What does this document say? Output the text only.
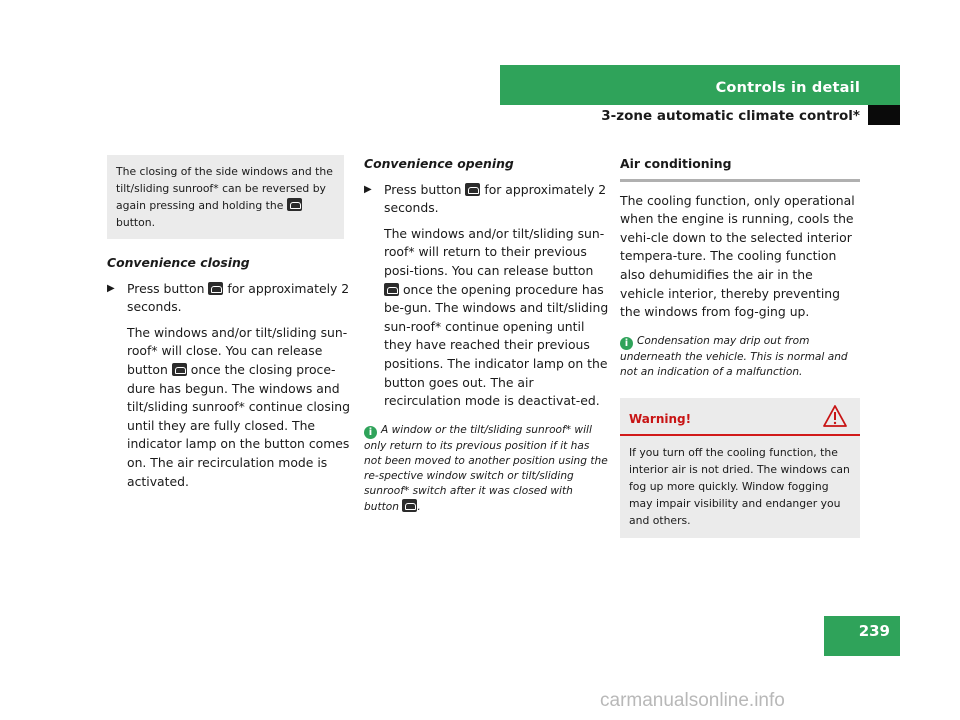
Controls in detail
3-zone automatic climate control*
The closing of the side windows and the tilt/sliding sunroof* can be reversed by again pressing and holding the  button.

Convenience closing

▶ Press button for approximately 2 seconds.

The windows and/or tilt/sliding sun-roof* will close. You can release button once the closing proce-dure has begun. The windows and tilt/sliding sunroof* continue closing until they are fully closed. The indicator lamp on the button comes on. The air recirculation mode is activated.

Convenience opening

▶ Press button for approximately 2 seconds.

The windows and/or tilt/sliding sun-roof* will return to their previous posi-tions. You can release button  once the opening procedure has be-gun. The windows and tilt/sliding sun-roof* continue opening until they have reached their previous positions. The indicator lamp on the button goes out. The air recirculation mode is deactivat-ed.

i A window or the tilt/sliding sunroof* will only return to its previous position if it has not been moved to another position using the re-spective window switch or tilt/sliding sunroof* switch after it was closed with button .

Air conditioning

The cooling function, only operational when the engine is running, cools the vehi-cle down to the selected interior tempera-ture. The cooling function also dehumidifies the air in the vehicle interior, thereby preventing the windows from fog-ging up.

i Condensation may drip out from underneath the vehicle. This is normal and not an indication of a malfunction.

Warning!
If you turn off the cooling function, the interior air is not dried. The windows can fog up more quickly. Window fogging may impair visibility and endanger you and others.
239
carmanualsonline.info
